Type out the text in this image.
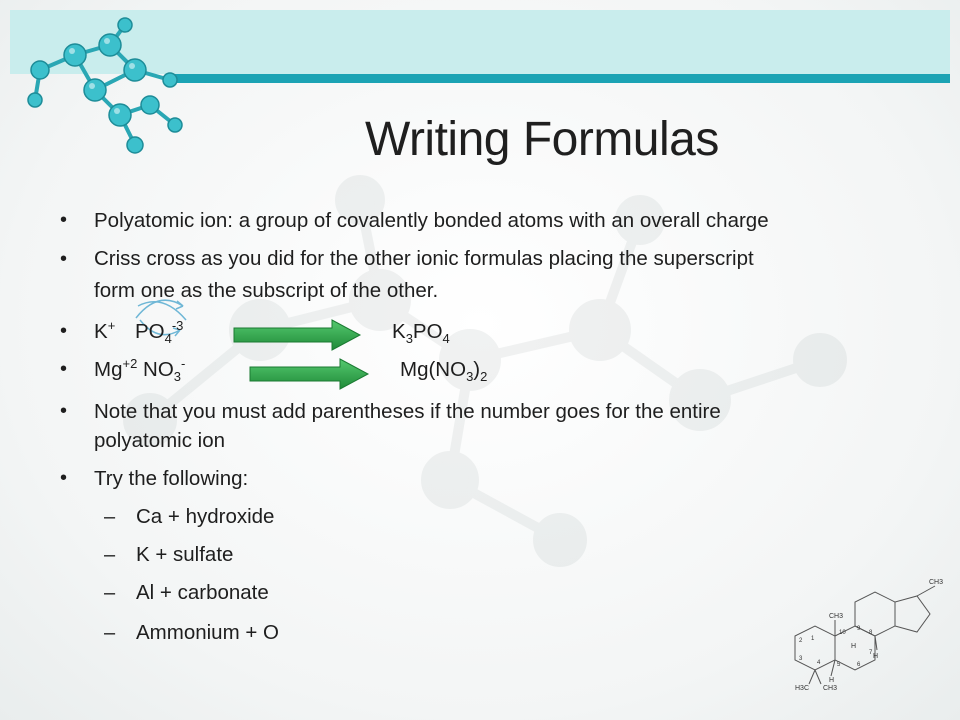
Writing Formulas
• Polyatomic ion: a group of covalently bonded atoms with an overall charge
• Criss cross as you did for the other ionic formulas placing the superscript
form one as the subscript of the other.
• K+ $PO_4^{-3}$	$K_3PO_4$
• $Mg^{+2}$ $NO_3^-$	$Mg(NO_3)_2$
• Note that you must add parentheses if the number goes for the entire
polyatomic ion
• Try the following:
– Ca + hydroxide
– K + sulfate
– Al + carbonate
– Ammonium + O
CH3
CH3
H3C CH3
H
H
H
1
2
3
4	5	6
7
8
9
10
